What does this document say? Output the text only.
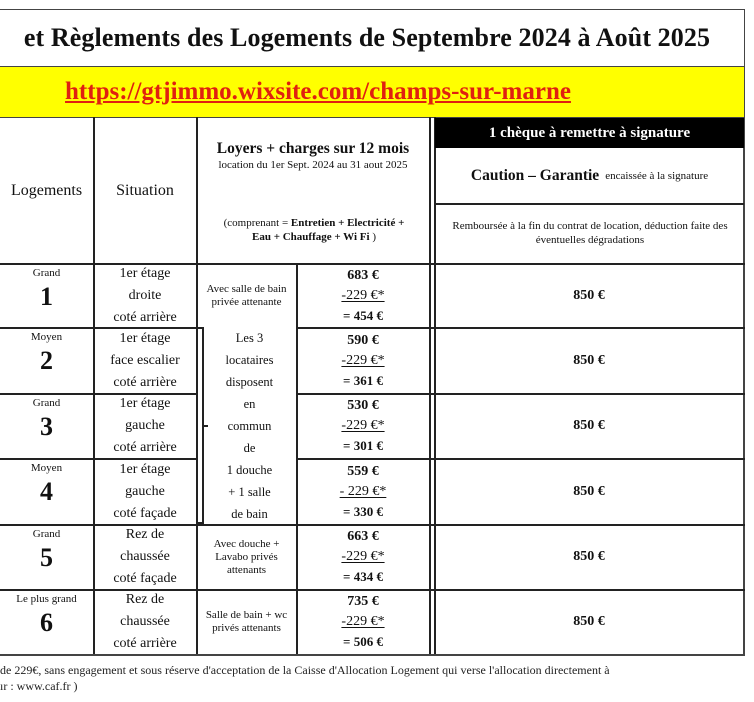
et Règlements des Logements de Septembre 2024 à Août 2025
https://gtjimmo.wixsite.com/champs-sur-marne
Logements	Situation
Loyers + charges sur 12 mois
location du 1er Sept. 2024 au 31 aout 2025
(comprenant = Entretien + Electricité +
Eau + Chauffage + Wi Fi )
1 chèque à remettre à signature
Caution – Garantie encaissée à la signature
Remboursée à la fin du contrat de location, déduction faite des éventuelles dégradations
Les 3
locataires
disposent
en
commun
de
1 douche
+ 1 salle
de bain
Grand
1
1er étage
droite
coté arrière
Avec salle de bain privée attenante
683 €
-229 €*
= 454 €
850 €
Moyen
2
1er étage
face escalier
coté arrière
590 €
-229 €*
= 361 €
850 €
Grand
3
1er étage
gauche
coté arrière
530 €
-229 €*
= 301 €
850 €
Moyen
4
1er étage
gauche
coté façade
559 €
- 229 €*
= 330 €
850 €
Grand
5
Rez de
chaussée
coté façade
Avec douche + Lavabo privés attenants
663 €
-229 €*
= 434 €
850 €
Le plus grand
6
Rez de
chaussée
coté arrière
Salle de bain + wc privés attenants
735 €
-229 €*
= 506 €
850 €
de 229€, sans engagement et sous réserve d'acceptation de la Caisse d'Allocation Logement qui verse l'allocation directement à
ır : www.caf.fr )
